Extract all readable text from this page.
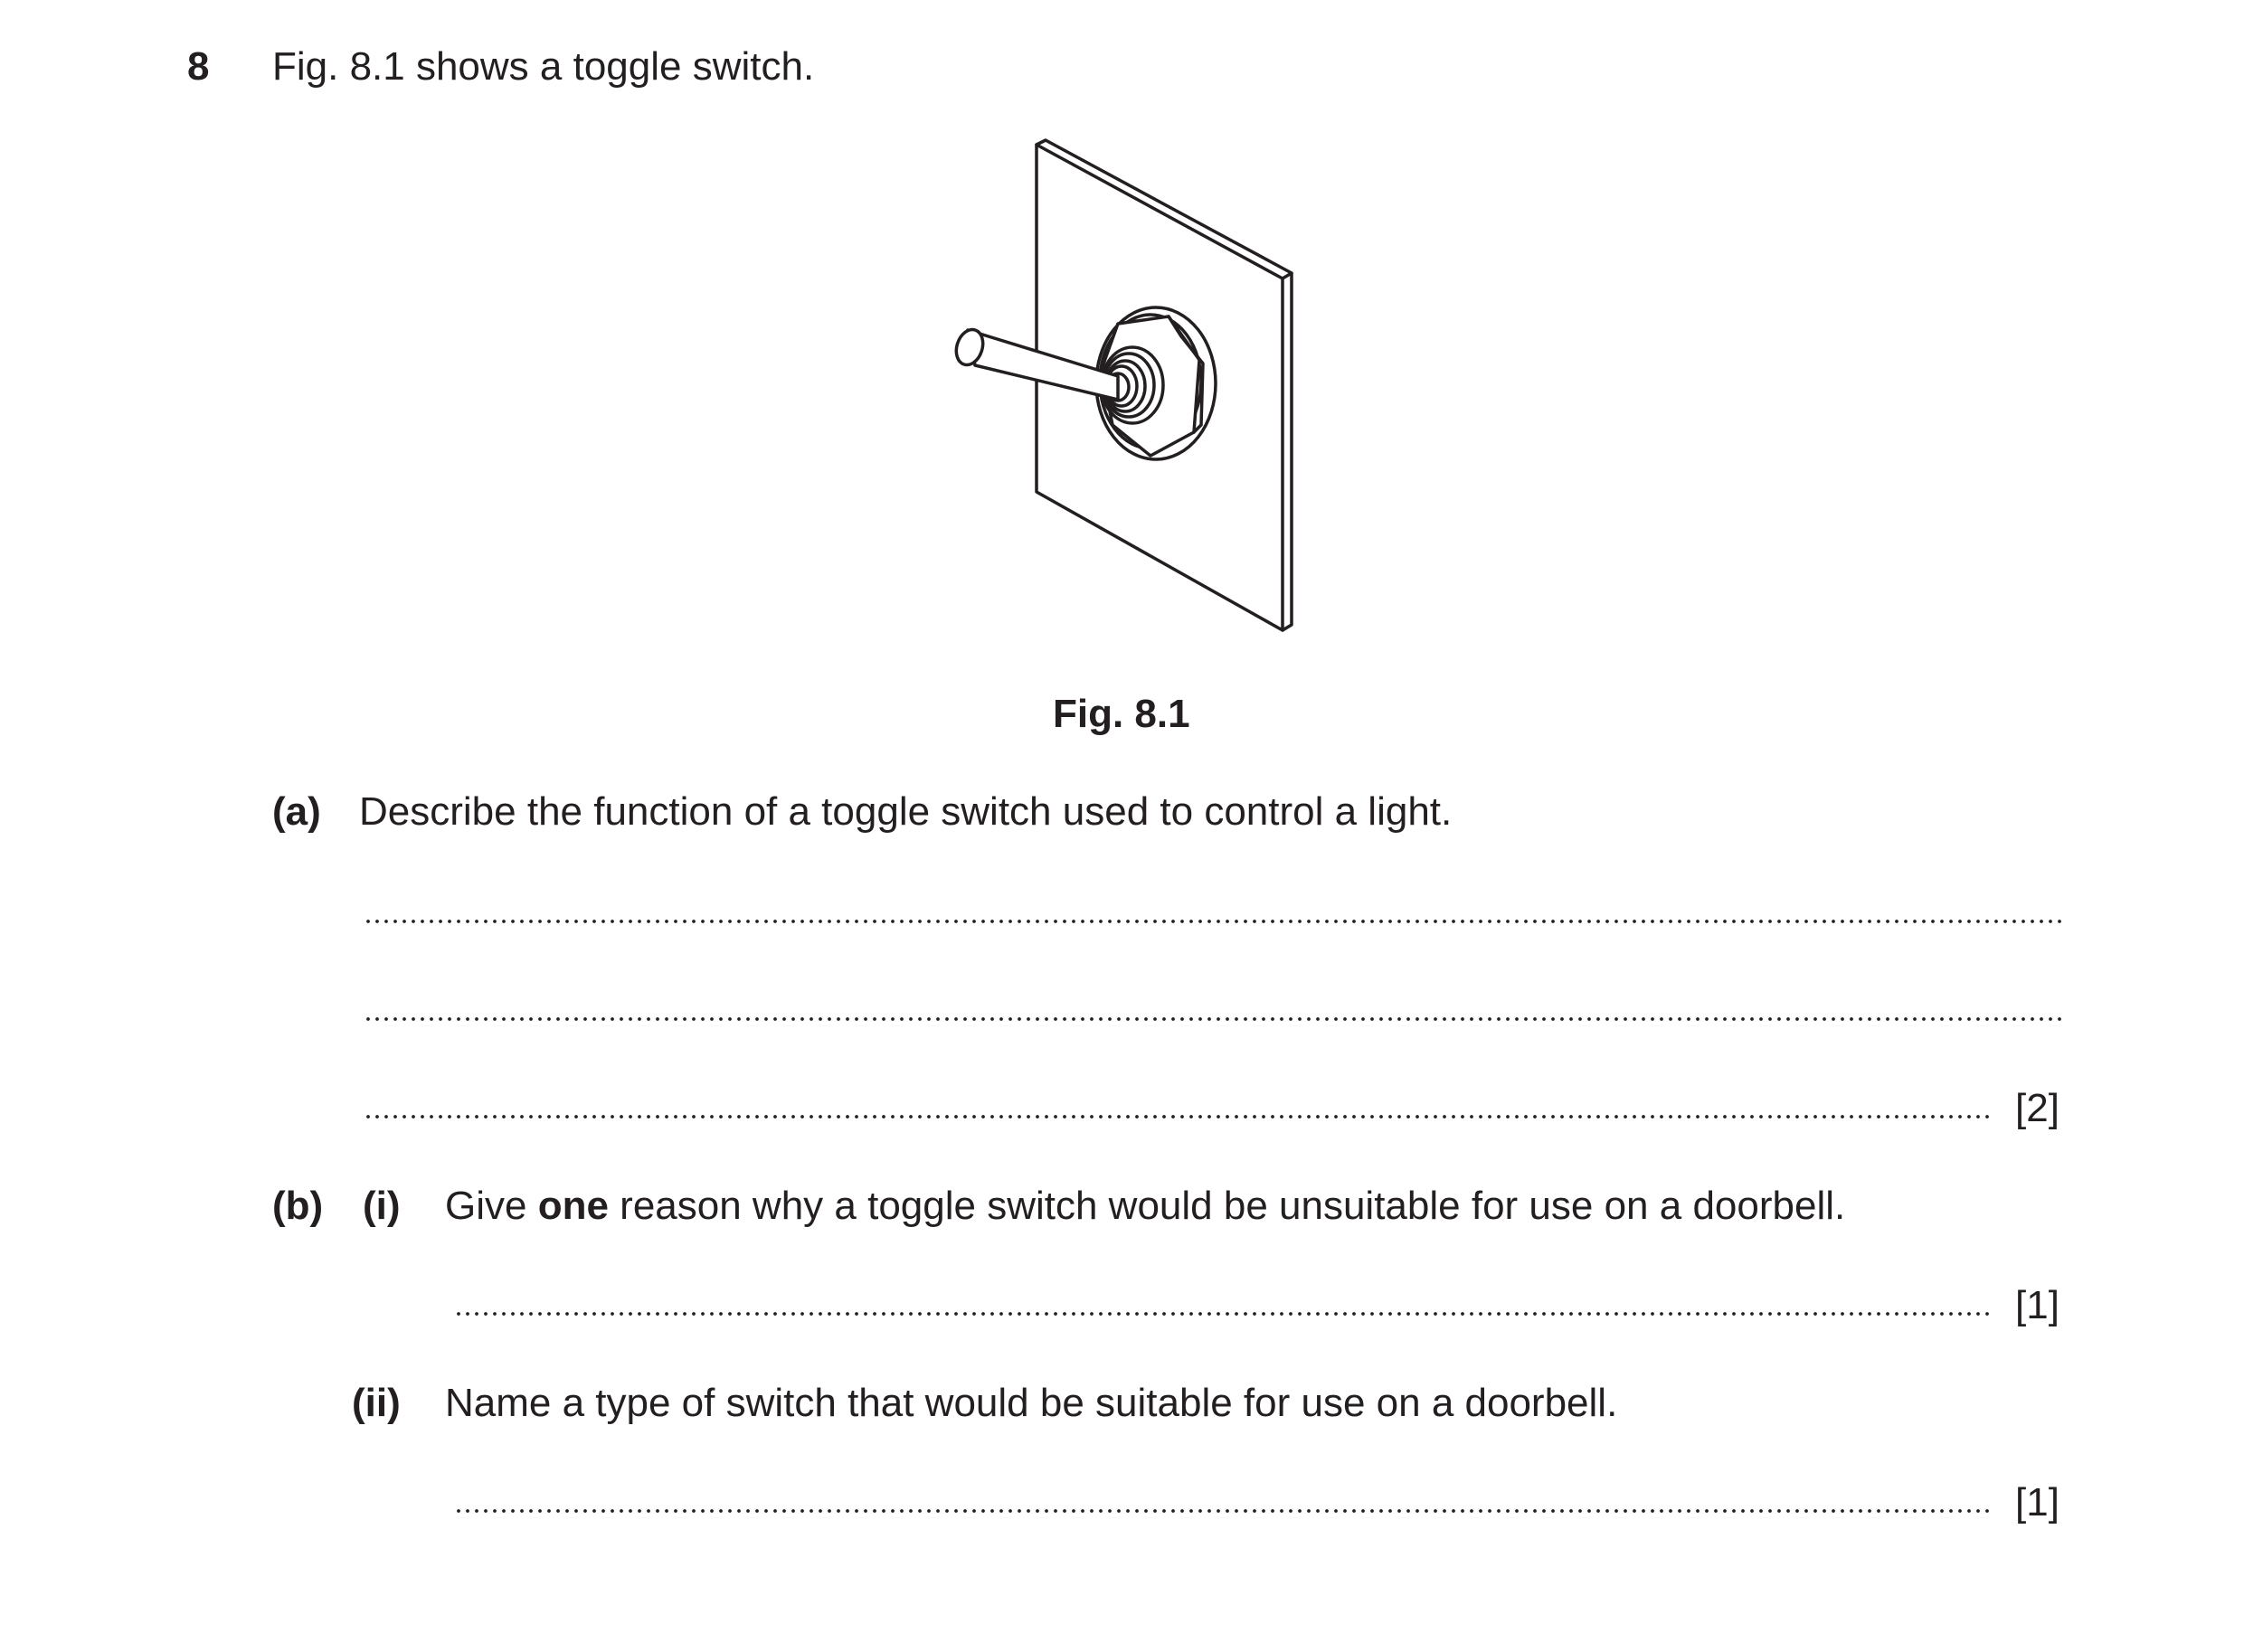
8 Fig. 8.1 shows a toggle switch.
Fig. 8.1
(a) Describe the function of a toggle switch used to control a light.
[2]
(b) (i) Give one reason why a toggle switch would be unsuitable for use on a doorbell.
[1]
(ii) Name a type of switch that would be suitable for use on a doorbell.
[1]
